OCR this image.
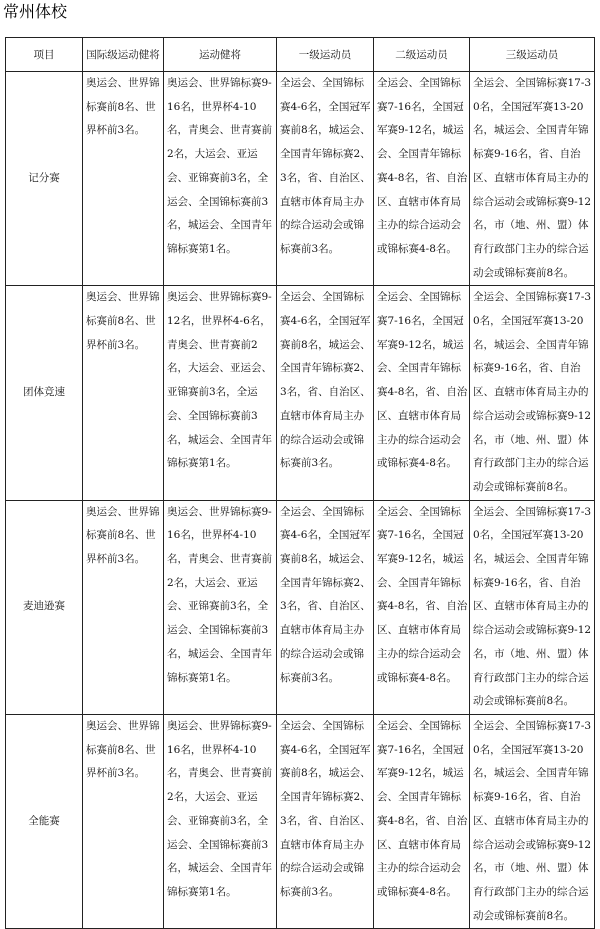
常州体校
项目	国际级运动健将	运动健将	一级运动员	二级运动员	三级运动员
记分赛	奥运会、世界锦标赛前8名、世界杯前3名。	奥运会、世界锦标赛9-16名，世界杯4-10名，青奥会、世青赛前2名，大运会、亚运会、亚锦赛前3名，全运会、全国锦标赛前3名，城运会、全国青年锦标赛第1名。	全运会、全国锦标赛4-6名，全国冠军赛前8名，城运会、全国青年锦标赛2、3名，省、自治区、直辖市体育局主办的综合运动会或锦标赛前3名。	全运会、全国锦标赛7-16名，全国冠军赛9-12名，城运会、全国青年锦标赛4-8名，省、自治区、直辖市体育局主办的综合运动会或锦标赛4-8名。	全运会、全国锦标赛17-30名，全国冠军赛13-20名，城运会、全国青年锦标赛9-16名，省、自治区、直辖市体育局主办的综合运动会或锦标赛9-12名，市（地、州、盟）体育行政部门主办的综合运动会或锦标赛前8名。
团体竞速	奥运会、世界锦标赛前8名、世界杯前3名。	奥运会、世界锦标赛9-12名，世界杯4-6名，青奥会、世青赛前2名，大运会、亚运会、亚锦赛前3名，全运会、全国锦标赛前3名，城运会、全国青年锦标赛第1名。	全运会、全国锦标赛4-6名，全国冠军赛前8名，城运会、全国青年锦标赛2、3名，省、自治区、直辖市体育局主办的综合运动会或锦标赛前3名。	全运会、全国锦标赛7-16名，全国冠军赛9-12名，城运会、全国青年锦标赛4-8名，省、自治区、直辖市体育局主办的综合运动会或锦标赛4-8名。	全运会、全国锦标赛17-30名，全国冠军赛13-20名，城运会、全国青年锦标赛9-16名，省、自治区、直辖市体育局主办的综合运动会或锦标赛9-12名，市（地、州、盟）体育行政部门主办的综合运动会或锦标赛前8名。
麦迪逊赛	奥运会、世界锦标赛前8名、世界杯前3名。	奥运会、世界锦标赛9-16名，世界杯4-10名，青奥会、世青赛前2名，大运会、亚运会、亚锦赛前3名，全运会、全国锦标赛前3名，城运会、全国青年锦标赛第1名。	全运会、全国锦标赛4-6名，全国冠军赛前8名，城运会、全国青年锦标赛2、3名，省、自治区、直辖市体育局主办的综合运动会或锦标赛前3名。	全运会、全国锦标赛7-16名，全国冠军赛9-12名，城运会、全国青年锦标赛4-8名，省、自治区、直辖市体育局主办的综合运动会或锦标赛4-8名。	全运会、全国锦标赛17-30名，全国冠军赛13-20名，城运会、全国青年锦标赛9-16名，省、自治区、直辖市体育局主办的综合运动会或锦标赛9-12名，市（地、州、盟）体育行政部门主办的综合运动会或锦标赛前8名。
全能赛	奥运会、世界锦标赛前8名、世界杯前3名。	奥运会、世界锦标赛9-16名，世界杯4-10名，青奥会、世青赛前2名，大运会、亚运会、亚锦赛前3名，全运会、全国锦标赛前3名，城运会、全国青年锦标赛第1名。	全运会、全国锦标赛4-6名，全国冠军赛前8名，城运会、全国青年锦标赛2、3名，省、自治区、直辖市体育局主办的综合运动会或锦标赛前3名。	全运会、全国锦标赛7-16名，全国冠军赛9-12名，城运会、全国青年锦标赛4-8名，省、自治区、直辖市体育局主办的综合运动会或锦标赛4-8名。	全运会、全国锦标赛17-30名，全国冠军赛13-20名，城运会、全国青年锦标赛9-16名，省、自治区、直辖市体育局主办的综合运动会或锦标赛9-12名，市（地、州、盟）体育行政部门主办的综合运动会或锦标赛前8名。
